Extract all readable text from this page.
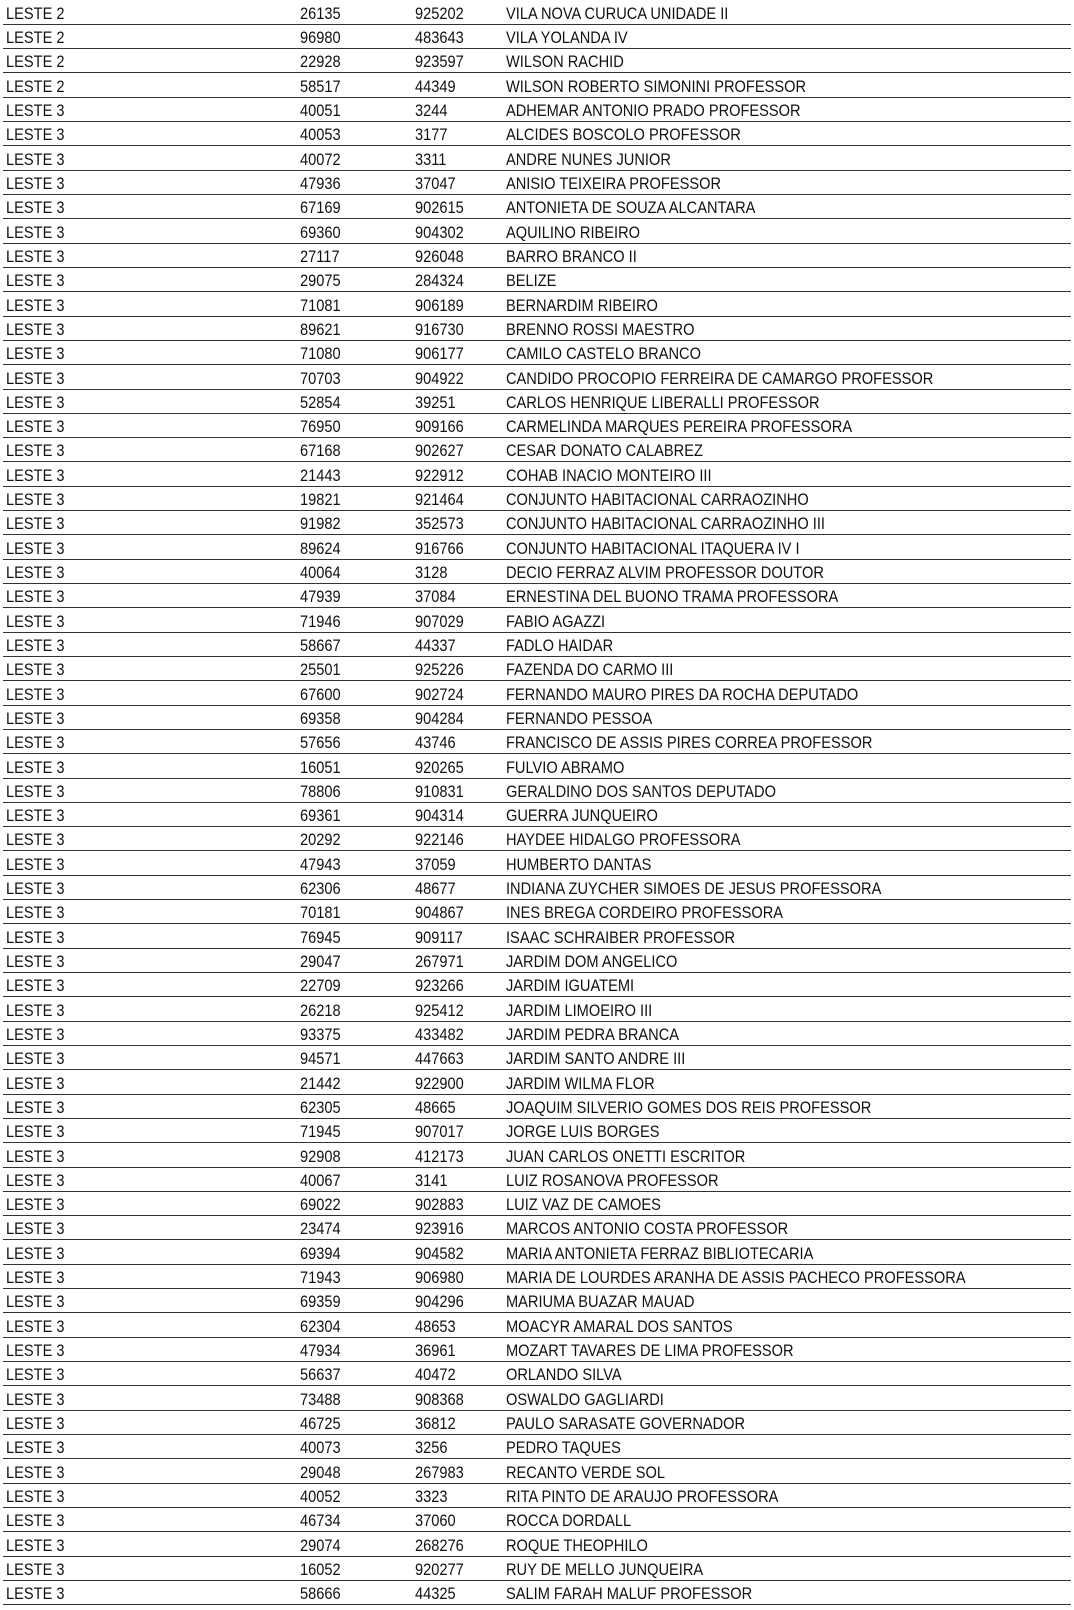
LESTE 2	26135	925202	VILA NOVA CURUCA UNIDADE II
LESTE 2	96980	483643	VILA YOLANDA IV
LESTE 2	22928	923597	WILSON RACHID
LESTE 2	58517	44349	WILSON ROBERTO SIMONINI PROFESSOR
LESTE 3	40051	3244	ADHEMAR ANTONIO PRADO PROFESSOR
LESTE 3	40053	3177	ALCIDES BOSCOLO PROFESSOR
LESTE 3	40072	3311	ANDRE NUNES JUNIOR
LESTE 3	47936	37047	ANISIO TEIXEIRA PROFESSOR
LESTE 3	67169	902615	ANTONIETA DE SOUZA ALCANTARA
LESTE 3	69360	904302	AQUILINO RIBEIRO
LESTE 3	27117	926048	BARRO BRANCO II
LESTE 3	29075	284324	BELIZE
LESTE 3	71081	906189	BERNARDIM RIBEIRO
LESTE 3	89621	916730	BRENNO ROSSI MAESTRO
LESTE 3	71080	906177	CAMILO CASTELO BRANCO
LESTE 3	70703	904922	CANDIDO PROCOPIO FERREIRA DE CAMARGO PROFESSOR
LESTE 3	52854	39251	CARLOS HENRIQUE LIBERALLI PROFESSOR
LESTE 3	76950	909166	CARMELINDA MARQUES PEREIRA PROFESSORA
LESTE 3	67168	902627	CESAR DONATO CALABREZ
LESTE 3	21443	922912	COHAB INACIO MONTEIRO III
LESTE 3	19821	921464	CONJUNTO HABITACIONAL CARRAOZINHO
LESTE 3	91982	352573	CONJUNTO HABITACIONAL CARRAOZINHO III
LESTE 3	89624	916766	CONJUNTO HABITACIONAL ITAQUERA IV I
LESTE 3	40064	3128	DECIO FERRAZ ALVIM PROFESSOR DOUTOR
LESTE 3	47939	37084	ERNESTINA DEL BUONO TRAMA PROFESSORA
LESTE 3	71946	907029	FABIO AGAZZI
LESTE 3	58667	44337	FADLO HAIDAR
LESTE 3	25501	925226	FAZENDA DO CARMO III
LESTE 3	67600	902724	FERNANDO MAURO PIRES DA ROCHA DEPUTADO
LESTE 3	69358	904284	FERNANDO PESSOA
LESTE 3	57656	43746	FRANCISCO DE ASSIS PIRES CORREA PROFESSOR
LESTE 3	16051	920265	FULVIO ABRAMO
LESTE 3	78806	910831	GERALDINO DOS SANTOS DEPUTADO
LESTE 3	69361	904314	GUERRA JUNQUEIRO
LESTE 3	20292	922146	HAYDEE HIDALGO PROFESSORA
LESTE 3	47943	37059	HUMBERTO DANTAS
LESTE 3	62306	48677	INDIANA ZUYCHER SIMOES DE JESUS PROFESSORA
LESTE 3	70181	904867	INES BREGA CORDEIRO PROFESSORA
LESTE 3	76945	909117	ISAAC SCHRAIBER PROFESSOR
LESTE 3	29047	267971	JARDIM DOM ANGELICO
LESTE 3	22709	923266	JARDIM IGUATEMI
LESTE 3	26218	925412	JARDIM LIMOEIRO III
LESTE 3	93375	433482	JARDIM PEDRA BRANCA
LESTE 3	94571	447663	JARDIM SANTO ANDRE III
LESTE 3	21442	922900	JARDIM WILMA FLOR
LESTE 3	62305	48665	JOAQUIM SILVERIO GOMES DOS REIS PROFESSOR
LESTE 3	71945	907017	JORGE LUIS BORGES
LESTE 3	92908	412173	JUAN CARLOS ONETTI ESCRITOR
LESTE 3	40067	3141	LUIZ ROSANOVA PROFESSOR
LESTE 3	69022	902883	LUIZ VAZ DE CAMOES
LESTE 3	23474	923916	MARCOS ANTONIO COSTA PROFESSOR
LESTE 3	69394	904582	MARIA ANTONIETA FERRAZ BIBLIOTECARIA
LESTE 3	71943	906980	MARIA DE LOURDES ARANHA DE ASSIS PACHECO PROFESSORA
LESTE 3	69359	904296	MARIUMA BUAZAR MAUAD
LESTE 3	62304	48653	MOACYR AMARAL DOS SANTOS
LESTE 3	47934	36961	MOZART TAVARES DE LIMA PROFESSOR
LESTE 3	56637	40472	ORLANDO SILVA
LESTE 3	73488	908368	OSWALDO GAGLIARDI
LESTE 3	46725	36812	PAULO SARASATE GOVERNADOR
LESTE 3	40073	3256	PEDRO TAQUES
LESTE 3	29048	267983	RECANTO VERDE SOL
LESTE 3	40052	3323	RITA PINTO DE ARAUJO PROFESSORA
LESTE 3	46734	37060	ROCCA DORDALL
LESTE 3	29074	268276	ROQUE THEOPHILO
LESTE 3	16052	920277	RUY DE MELLO JUNQUEIRA
LESTE 3	58666	44325	SALIM FARAH MALUF PROFESSOR
